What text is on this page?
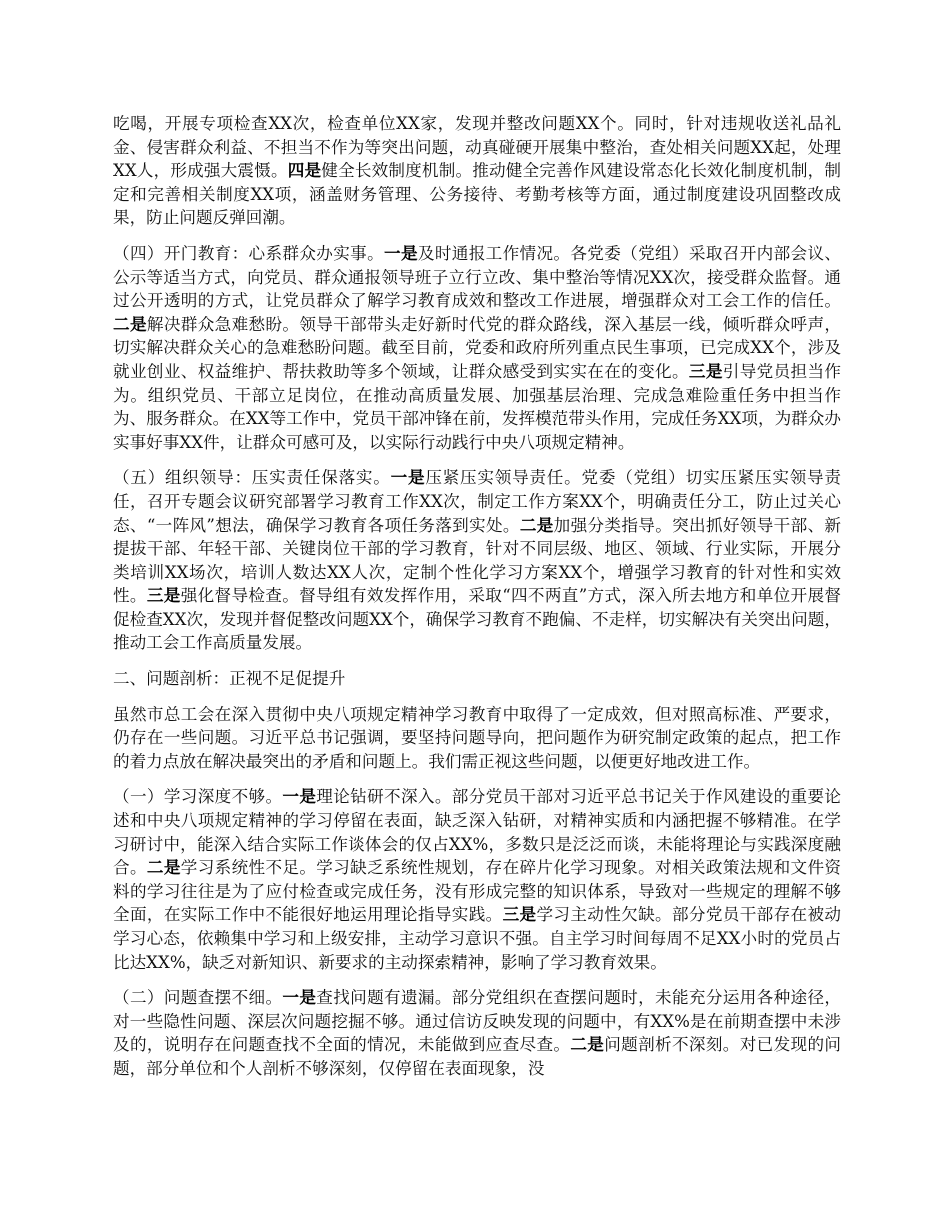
吃喝，开展专项检查XX次，检查单位XX家，发现并整改问题XX个。同时，针对违规收送礼品礼金、侵害群众利益、不担当不作为等突出问题，动真碰硬开展集中整治，查处相关问题XX起，处理XX人，形成强大震慑。四是健全长效制度机制。推动健全完善作风建设常态化长效化制度机制，制定和完善相关制度XX项，涵盖财务管理、公务接待、考勤考核等方面，通过制度建设巩固整改成果，防止问题反弹回潮。

（四）开门教育：心系群众办实事。一是及时通报工作情况。各党委（党组）采取召开内部会议、公示等适当方式，向党员、群众通报领导班子立行立改、集中整治等情况XX次，接受群众监督。通过公开透明的方式，让党员群众了解学习教育成效和整改工作进展，增强群众对工会工作的信任。二是解决群众急难愁盼。领导干部带头走好新时代党的群众路线，深入基层一线，倾听群众呼声，切实解决群众关心的急难愁盼问题。截至目前，党委和政府所列重点民生事项，已完成XX个，涉及就业创业、权益维护、帮扶救助等多个领域，让群众感受到实实在在的变化。三是引导党员担当作为。组织党员、干部立足岗位，在推动高质量发展、加强基层治理、完成急难险重任务中担当作为、服务群众。在XX等工作中，党员干部冲锋在前，发挥模范带头作用，完成任务XX项，为群众办实事好事XX件，让群众可感可及，以实际行动践行中央八项规定精神。

（五）组织领导：压实责任保落实。一是压紧压实领导责任。党委（党组）切实压紧压实领导责任，召开专题会议研究部署学习教育工作XX次，制定工作方案XX个，明确责任分工，防止过关心态、“一阵风”想法，确保学习教育各项任务落到实处。二是加强分类指导。突出抓好领导干部、新提拔干部、年轻干部、关键岗位干部的学习教育，针对不同层级、地区、领域、行业实际，开展分类培训XX场次，培训人数达XX人次，定制个性化学习方案XX个，增强学习教育的针对性和实效性。三是强化督导检查。督导组有效发挥作用，采取“四不两直”方式，深入所去地方和单位开展督促检查XX次，发现并督促整改问题XX个，确保学习教育不跑偏、不走样，切实解决有关突出问题，推动工会工作高质量发展。

二、问题剖析：正视不足促提升

虽然市总工会在深入贯彻中央八项规定精神学习教育中取得了一定成效，但对照高标准、严要求，仍存在一些问题。习近平总书记强调，要坚持问题导向，把问题作为研究制定政策的起点，把工作的着力点放在解决最突出的矛盾和问题上。我们需正视这些问题，以便更好地改进工作。

（一）学习深度不够。一是理论钻研不深入。部分党员干部对习近平总书记关于作风建设的重要论述和中央八项规定精神的学习停留在表面，缺乏深入钻研，对精神实质和内涵把握不够精准。在学习研讨中，能深入结合实际工作谈体会的仅占XX%，多数只是泛泛而谈，未能将理论与实践深度融合。二是学习系统性不足。学习缺乏系统性规划，存在碎片化学习现象。对相关政策法规和文件资料的学习往往是为了应付检查或完成任务，没有形成完整的知识体系，导致对一些规定的理解不够全面，在实际工作中不能很好地运用理论指导实践。三是学习主动性欠缺。部分党员干部存在被动学习心态，依赖集中学习和上级安排，主动学习意识不强。自主学习时间每周不足XX小时的党员占比达XX%，缺乏对新知识、新要求的主动探索精神，影响了学习教育效果。

（二）问题查摆不细。一是查找问题有遗漏。部分党组织在查摆问题时，未能充分运用各种途径，对一些隐性问题、深层次问题挖掘不够。通过信访反映发现的问题中，有XX%是在前期查摆中未涉及的，说明存在问题查找不全面的情况，未能做到应查尽查。二是问题剖析不深刻。对已发现的问题，部分单位和个人剖析不够深刻，仅停留在表面现象，没
